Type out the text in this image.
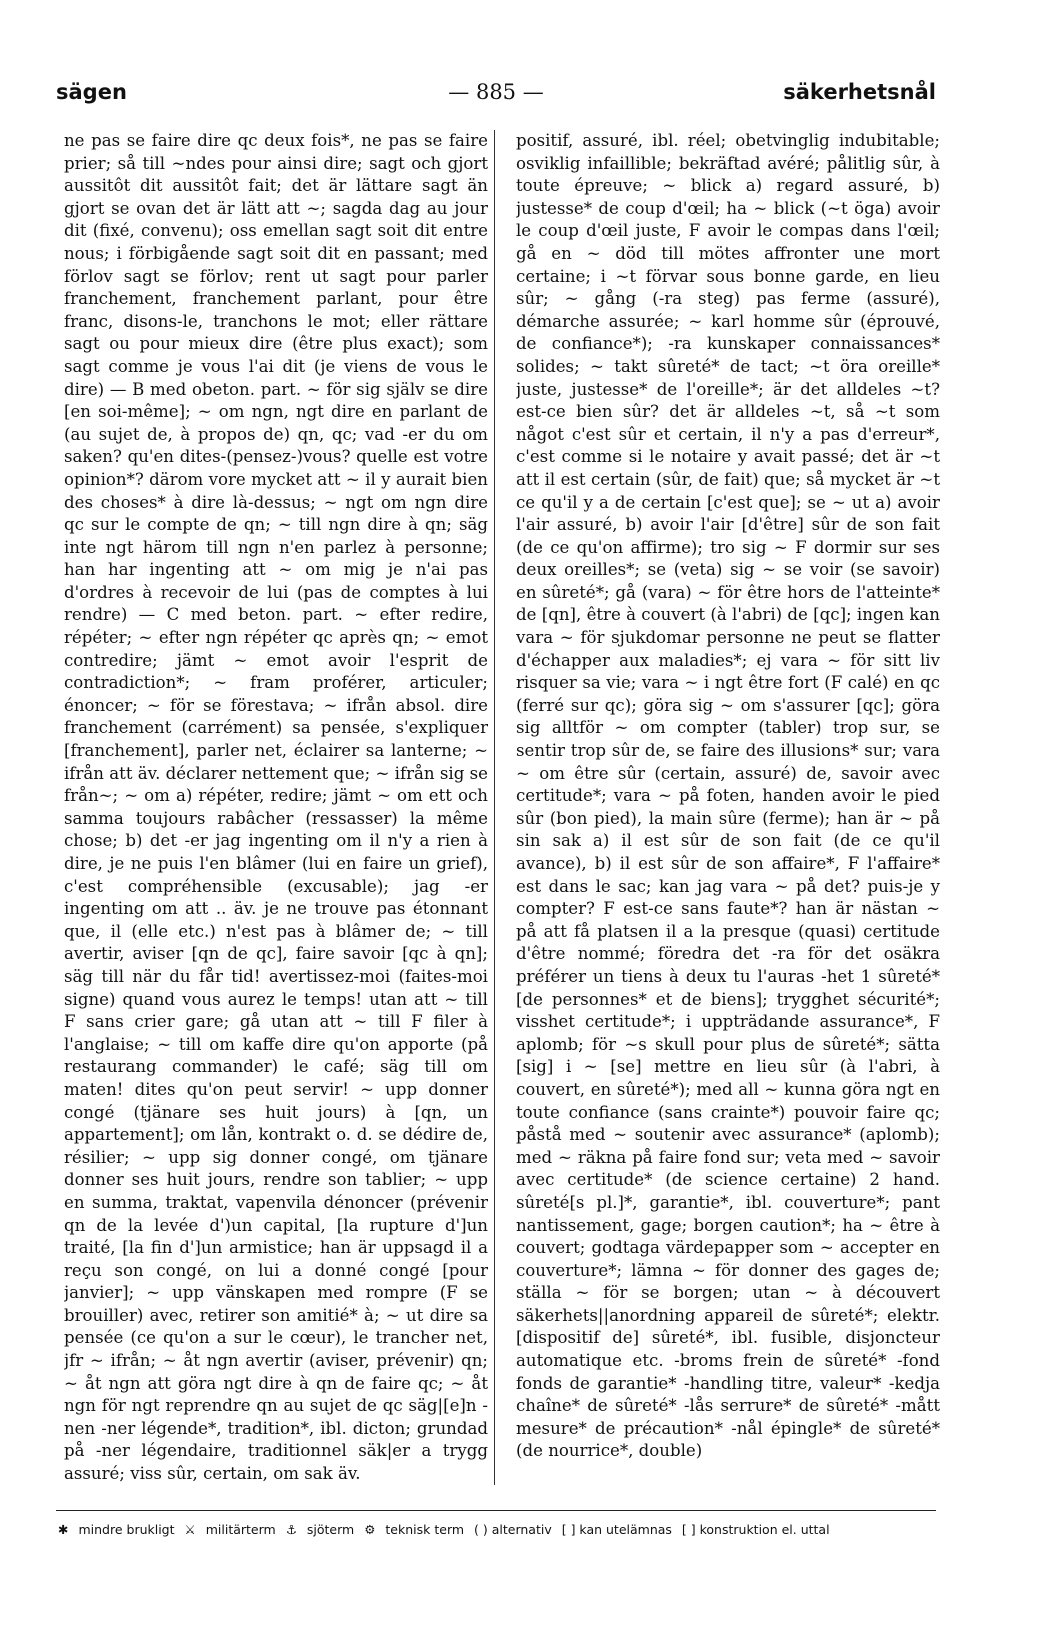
sägen	— 885 —	säkerhetsnål

ne pas se faire dire qc deux fois*, ne pas se faire prier; så till ~ndes pour ainsi dire; sagt och gjort aussitôt dit aussitôt fait; det är lättare sagt än gjort se ovan det är lätt att ~; sagda dag au jour dit (fixé, convenu); oss emellan sagt soit dit entre nous; i förbigående sagt soit dit en passant; med förlov sagt se förlov; rent ut sagt pour parler franchement, franchement parlant, pour être franc, disons-le, tranchons le mot; eller rättare sagt ou pour mieux dire (être plus exact); som sagt comme je vous l'ai dit (je viens de vous le dire) — B med obeton. part. ~ för sig själv se dire [en soi-même]; ~ om ngn, ngt dire en parlant de (au sujet de, à propos de) qn, qc; vad -er du om saken? qu'en dites-(pensez-)vous? quelle est votre opinion*? därom vore mycket att ~ il y aurait bien des choses* à dire là-dessus; ~ ngt om ngn dire qc sur le compte de qn; ~ till ngn dire à qn; säg inte ngt härom till ngn n'en parlez à personne; han har ingenting att ~ om mig je n'ai pas d'ordres à recevoir de lui (pas de comptes à lui rendre) — C med beton. part. ~ efter redire, répéter; ~ efter ngn répéter qc après qn; ~ emot contredire; jämt ~ emot avoir l'esprit de contradiction*; ~ fram proférer, articuler; énoncer; ~ för se förestava; ~ ifrån absol. dire franchement (carrément) sa pensée, s'expliquer [franchement], parler net, éclairer sa lanterne; ~ ifrån att äv. déclarer nettement que; ~ ifrån sig se från~; ~ om a) répéter, redire; jämt ~ om ett och samma toujours rabâcher (ressasser) la même chose; b) det -er jag ingenting om il n'y a rien à dire, je ne puis l'en blâmer (lui en faire un grief), c'est compréhensible (excusable); jag -er ingenting om att .. äv. je ne trouve pas étonnant que, il (elle etc.) n'est pas à blâmer de; ~ till avertir, aviser [qn de qc], faire savoir [qc à qn]; säg till när du får tid! avertissez-moi (faites-moi signe) quand vous aurez le temps! utan att ~ till F sans crier gare; gå utan att ~ till F filer à l'anglaise; ~ till om kaffe dire qu'on apporte (på restaurang commander) le café; säg till om maten! dites qu'on peut servir! ~ upp donner congé (tjänare ses huit jours) à [qn, un appartement]; om lån, kontrakt o. d. se dédire de, résilier; ~ upp sig donner congé, om tjänare donner ses huit jours, rendre son tablier; ~ upp en summa, traktat, vapenvila dénoncer (prévenir qn de la levée d')un capital, [la rupture d']un traité, [la fin d']un armistice; han är uppsagd il a reçu son congé, on lui a donné congé [pour janvier]; ~ upp vänskapen med rompre (F se brouiller) avec, retirer son amitié* à; ~ ut dire sa pensée (ce qu'on a sur le cœur), le trancher net, jfr ~ ifrån; ~ åt ngn avertir (aviser, prévenir) qn; ~ åt ngn att göra ngt dire à qn de faire qc; ~ åt ngn för ngt reprendre qn au sujet de qc säg|[e]n -nen -ner légende*, tradition*, ibl. dicton; grundad på -ner légendaire, traditionnel säk|er a trygg assuré; viss sûr, certain, om sak äv.

positif, assuré, ibl. réel; obetvinglig indubitable; osviklig infaillible; bekräftad avéré; pålitlig sûr, à toute épreuve; ~ blick a) regard assuré, b) justesse* de coup d'œil; ha ~ blick (~t öga) avoir le coup d'œil juste, F avoir le compas dans l'œil; gå en ~ död till mötes affronter une mort certaine; i ~t förvar sous bonne garde, en lieu sûr; ~ gång (-ra steg) pas ferme (assuré), démarche assurée; ~ karl homme sûr (éprouvé, de confiance*); -ra kunskaper connaissances* solides; ~ takt sûreté* de tact; ~t öra oreille* juste, justesse* de l'oreille*; är det alldeles ~t? est-ce bien sûr? det är alldeles ~t, så ~t som något c'est sûr et certain, il n'y a pas d'erreur*, c'est comme si le notaire y avait passé; det är ~t att il est certain (sûr, de fait) que; så mycket är ~t ce qu'il y a de certain [c'est que]; se ~ ut a) avoir l'air assuré, b) avoir l'air [d'être] sûr de son fait (de ce qu'on affirme); tro sig ~ F dormir sur ses deux oreilles*; se (veta) sig ~ se voir (se savoir) en sûreté*; gå (vara) ~ för être hors de l'atteinte* de [qn], être à couvert (à l'abri) de [qc]; ingen kan vara ~ för sjukdomar personne ne peut se flatter d'échapper aux maladies*; ej vara ~ för sitt liv risquer sa vie; vara ~ i ngt être fort (F calé) en qc (ferré sur qc); göra sig ~ om s'assurer [qc]; göra sig alltför ~ om compter (tabler) trop sur, se sentir trop sûr de, se faire des illusions* sur; vara ~ om être sûr (certain, assuré) de, savoir avec certitude*; vara ~ på foten, handen avoir le pied sûr (bon pied), la main sûre (ferme); han är ~ på sin sak a) il est sûr de son fait (de ce qu'il avance), b) il est sûr de son affaire*, F l'affaire* est dans le sac; kan jag vara ~ på det? puis-je y compter? F est-ce sans faute*? han är nästan ~ på att få platsen il a la presque (quasi) certitude d'être nommé; föredra det -ra för det osäkra préférer un tiens à deux tu l'auras -het 1 sûreté* [de personnes* et de biens]; trygghet sécurité*; visshet certitude*; i uppträdande assurance*, F aplomb; för ~s skull pour plus de sûreté*; sätta [sig] i ~ [se] mettre en lieu sûr (à l'abri, à couvert, en sûreté*); med all ~ kunna göra ngt en toute confiance (sans crainte*) pouvoir faire qc; påstå med ~ soutenir avec assurance* (aplomb); med ~ räkna på faire fond sur; veta med ~ savoir avec certitude* (de science certaine) 2 hand. sûreté[s pl.]*, garantie*, ibl. couverture*; pant nantissement, gage; borgen caution*; ha ~ être à couvert; godtaga värdepapper som ~ accepter en couverture*; lämna ~ för donner des gages de; ställa ~ för se borgen; utan ~ à découvert säkerhets||anordning appareil de sûreté*; elektr. [dispositif de] sûreté*, ibl. fusible, disjoncteur automatique etc. -broms frein de sûreté* -fond fonds de garantie* -handling titre, valeur* -kedja chaîne* de sûreté* -lås serrure* de sûreté* -mått mesure* de précaution* -nål épingle* de sûreté* (de nourrice*, double)

✱ mindre brukligt ⚔ militärterm ⚓ sjöterm ⚙ teknisk term ( ) alternativ [ ] kan utelämnas [ ] konstruktion el. uttal
